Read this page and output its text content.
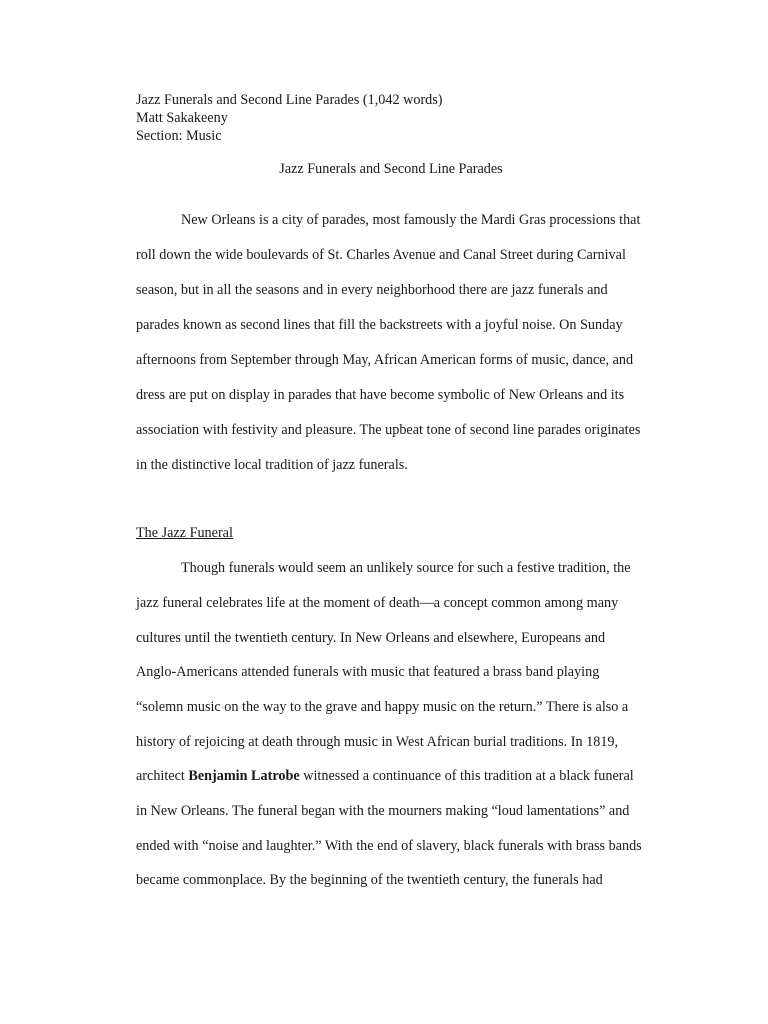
Jazz Funerals and Second Line Parades (1,042 words)
Matt Sakakeeny
Section: Music
Jazz Funerals and Second Line Parades
New Orleans is a city of parades, most famously the Mardi Gras processions that
roll down the wide boulevards of St. Charles Avenue and Canal Street during Carnival
season, but in all the seasons and in every neighborhood there are jazz funerals and
parades known as second lines that fill the backstreets with a joyful noise. On Sunday
afternoons from September through May, African American forms of music, dance, and
dress are put on display in parades that have become symbolic of New Orleans and its
association with festivity and pleasure. The upbeat tone of second line parades originates
in the distinctive local tradition of jazz funerals.
The Jazz Funeral
Though funerals would seem an unlikely source for such a festive tradition, the
jazz funeral celebrates life at the moment of death—a concept common among many
cultures until the twentieth century. In New Orleans and elsewhere, Europeans and
Anglo-Americans attended funerals with music that featured a brass band playing
“solemn music on the way to the grave and happy music on the return.” There is also a
history of rejoicing at death through music in West African burial traditions. In 1819,
architect Benjamin Latrobe witnessed a continuance of this tradition at a black funeral
in New Orleans. The funeral began with the mourners making “loud lamentations” and
ended with “noise and laughter.” With the end of slavery, black funerals with brass bands
became commonplace. By the beginning of the twentieth century, the funerals had
